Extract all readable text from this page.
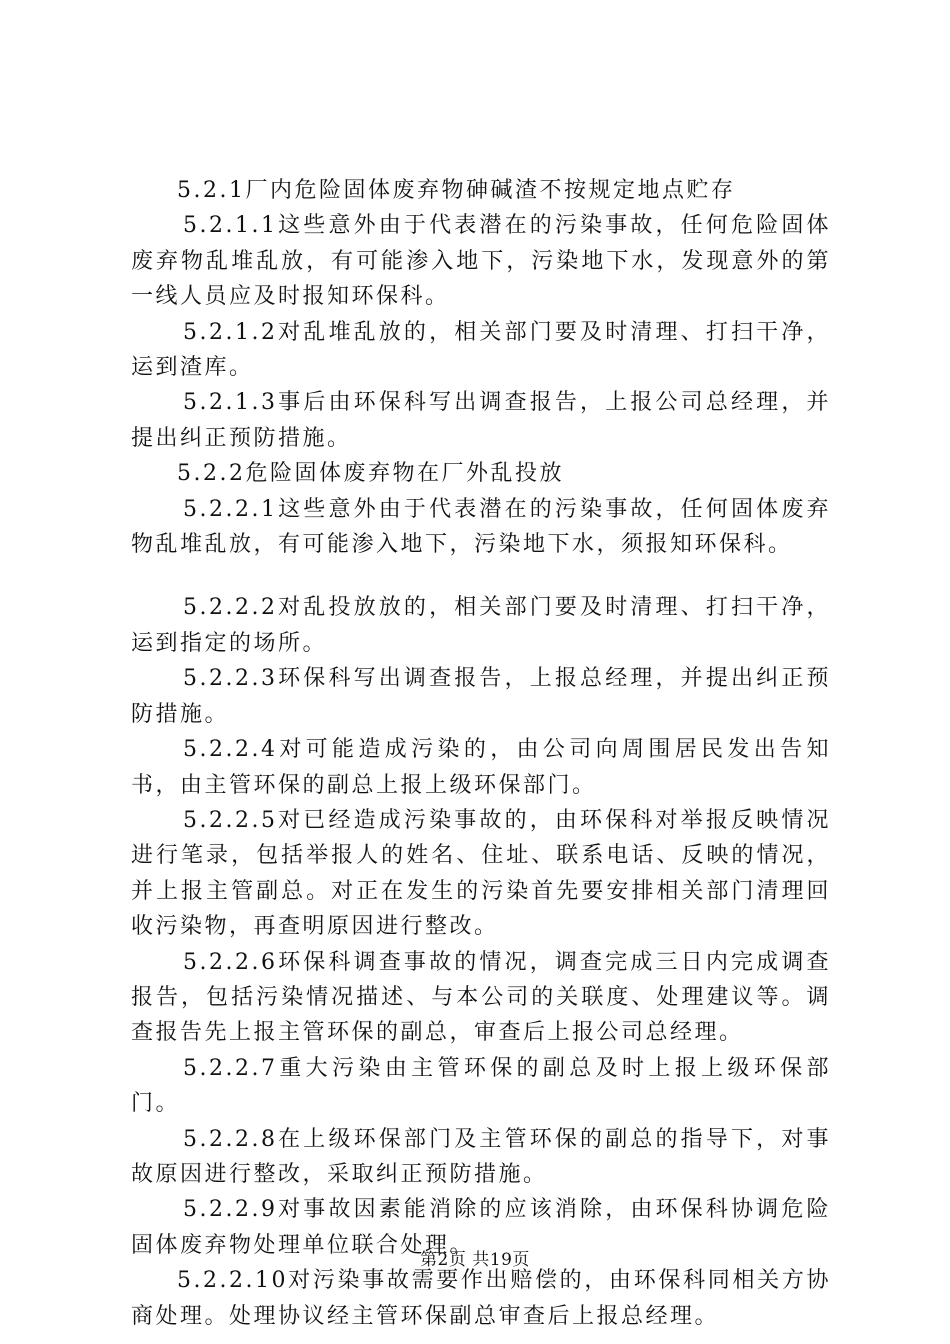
5.2.1厂内危险固体废弃物砷碱渣不按规定地点贮存

5.2.1.1这些意外由于代表潜在的污染事故，任何危险固体废弃物乱堆乱放，有可能渗入地下，污染地下水，发现意外的第一线人员应及时报知环保科。

5.2.1.2对乱堆乱放的，相关部门要及时清理、打扫干净，运到渣库。

5.2.1.3事后由环保科写出调查报告，上报公司总经理，并提出纠正预防措施。

5.2.2危险固体废弃物在厂外乱投放

5.2.2.1这些意外由于代表潜在的污染事故，任何固体废弃物乱堆乱放，有可能渗入地下，污染地下水，须报知环保科。

5.2.2.2对乱投放放的，相关部门要及时清理、打扫干净，运到指定的场所。

5.2.2.3环保科写出调查报告，上报总经理，并提出纠正预防措施。

5.2.2.4对可能造成污染的，由公司向周围居民发出告知书，由主管环保的副总上报上级环保部门。

5.2.2.5对已经造成污染事故的，由环保科对举报反映情况进行笔录，包括举报人的姓名、住址、联系电话、反映的情况，并上报主管副总。对正在发生的污染首先要安排相关部门清理回收污染物，再查明原因进行整改。

5.2.2.6环保科调查事故的情况，调查完成三日内完成调查报告，包括污染情况描述、与本公司的关联度、处理建议等。调查报告先上报主管环保的副总，审查后上报公司总经理。

5.2.2.7重大污染由主管环保的副总及时上报上级环保部门。

5.2.2.8在上级环保部门及主管环保的副总的指导下，对事故原因进行整改，采取纠正预防措施。

5.2.2.9对事故因素能消除的应该消除，由环保科协调危险固体废弃物处理单位联合处理。

5.2.2.10对污染事故需要作出赔偿的，由环保科同相关方协商处理。处理协议经主管环保副总审查后上报总经理。

第2页 共19页
